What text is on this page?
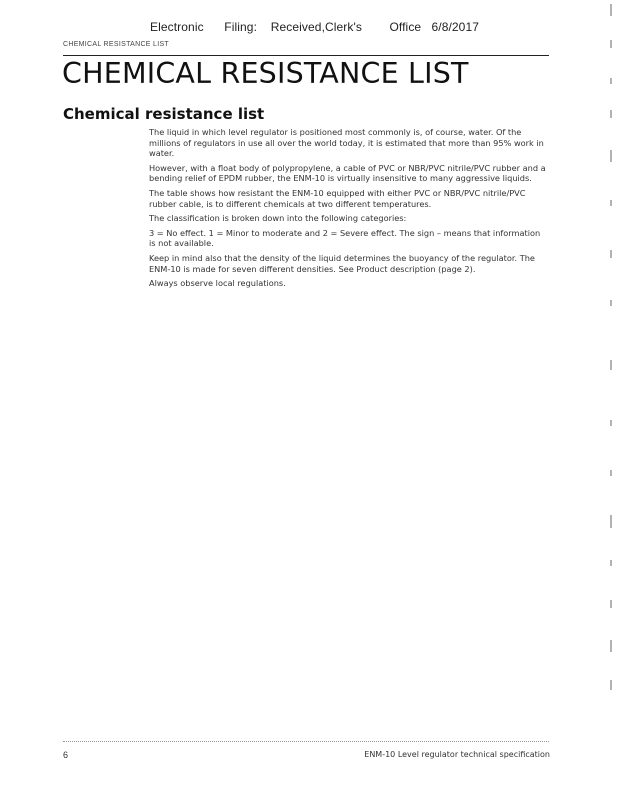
Electronic      Filing:    Received,Clerk's        Office   6/8/2017
CHEMICAL RESISTANCE LIST
CHEMICAL RESISTANCE LIST
Chemical resistance list

The liquid in which level regulator is positioned most commonly is, of course, water. Of the millions of regulators in use all over the world today, it is estimated that more than 95% work in water.

However, with a float body of polypropylene, a cable of PVC or NBR/PVC nitrile/PVC rubber and a bending relief of EPDM rubber, the ENM-10 is virtually insensitive to many aggressive liquids.

The table shows how resistant the ENM-10 equipped with either PVC or NBR/PVC nitrile/PVC rubber cable, is to different chemicals at two different temperatures.

The classification is broken down into the following categories:

3 = No effect. 1 = Minor to moderate and 2 = Severe effect. The sign – means that information is not available.

Keep in mind also that the density of the liquid determines the buoyancy of the regulator. The ENM-10 is made for seven different densities. See Product description (page 2).

Always observe local regulations.

6	ENM-10 Level regulator technical specification
